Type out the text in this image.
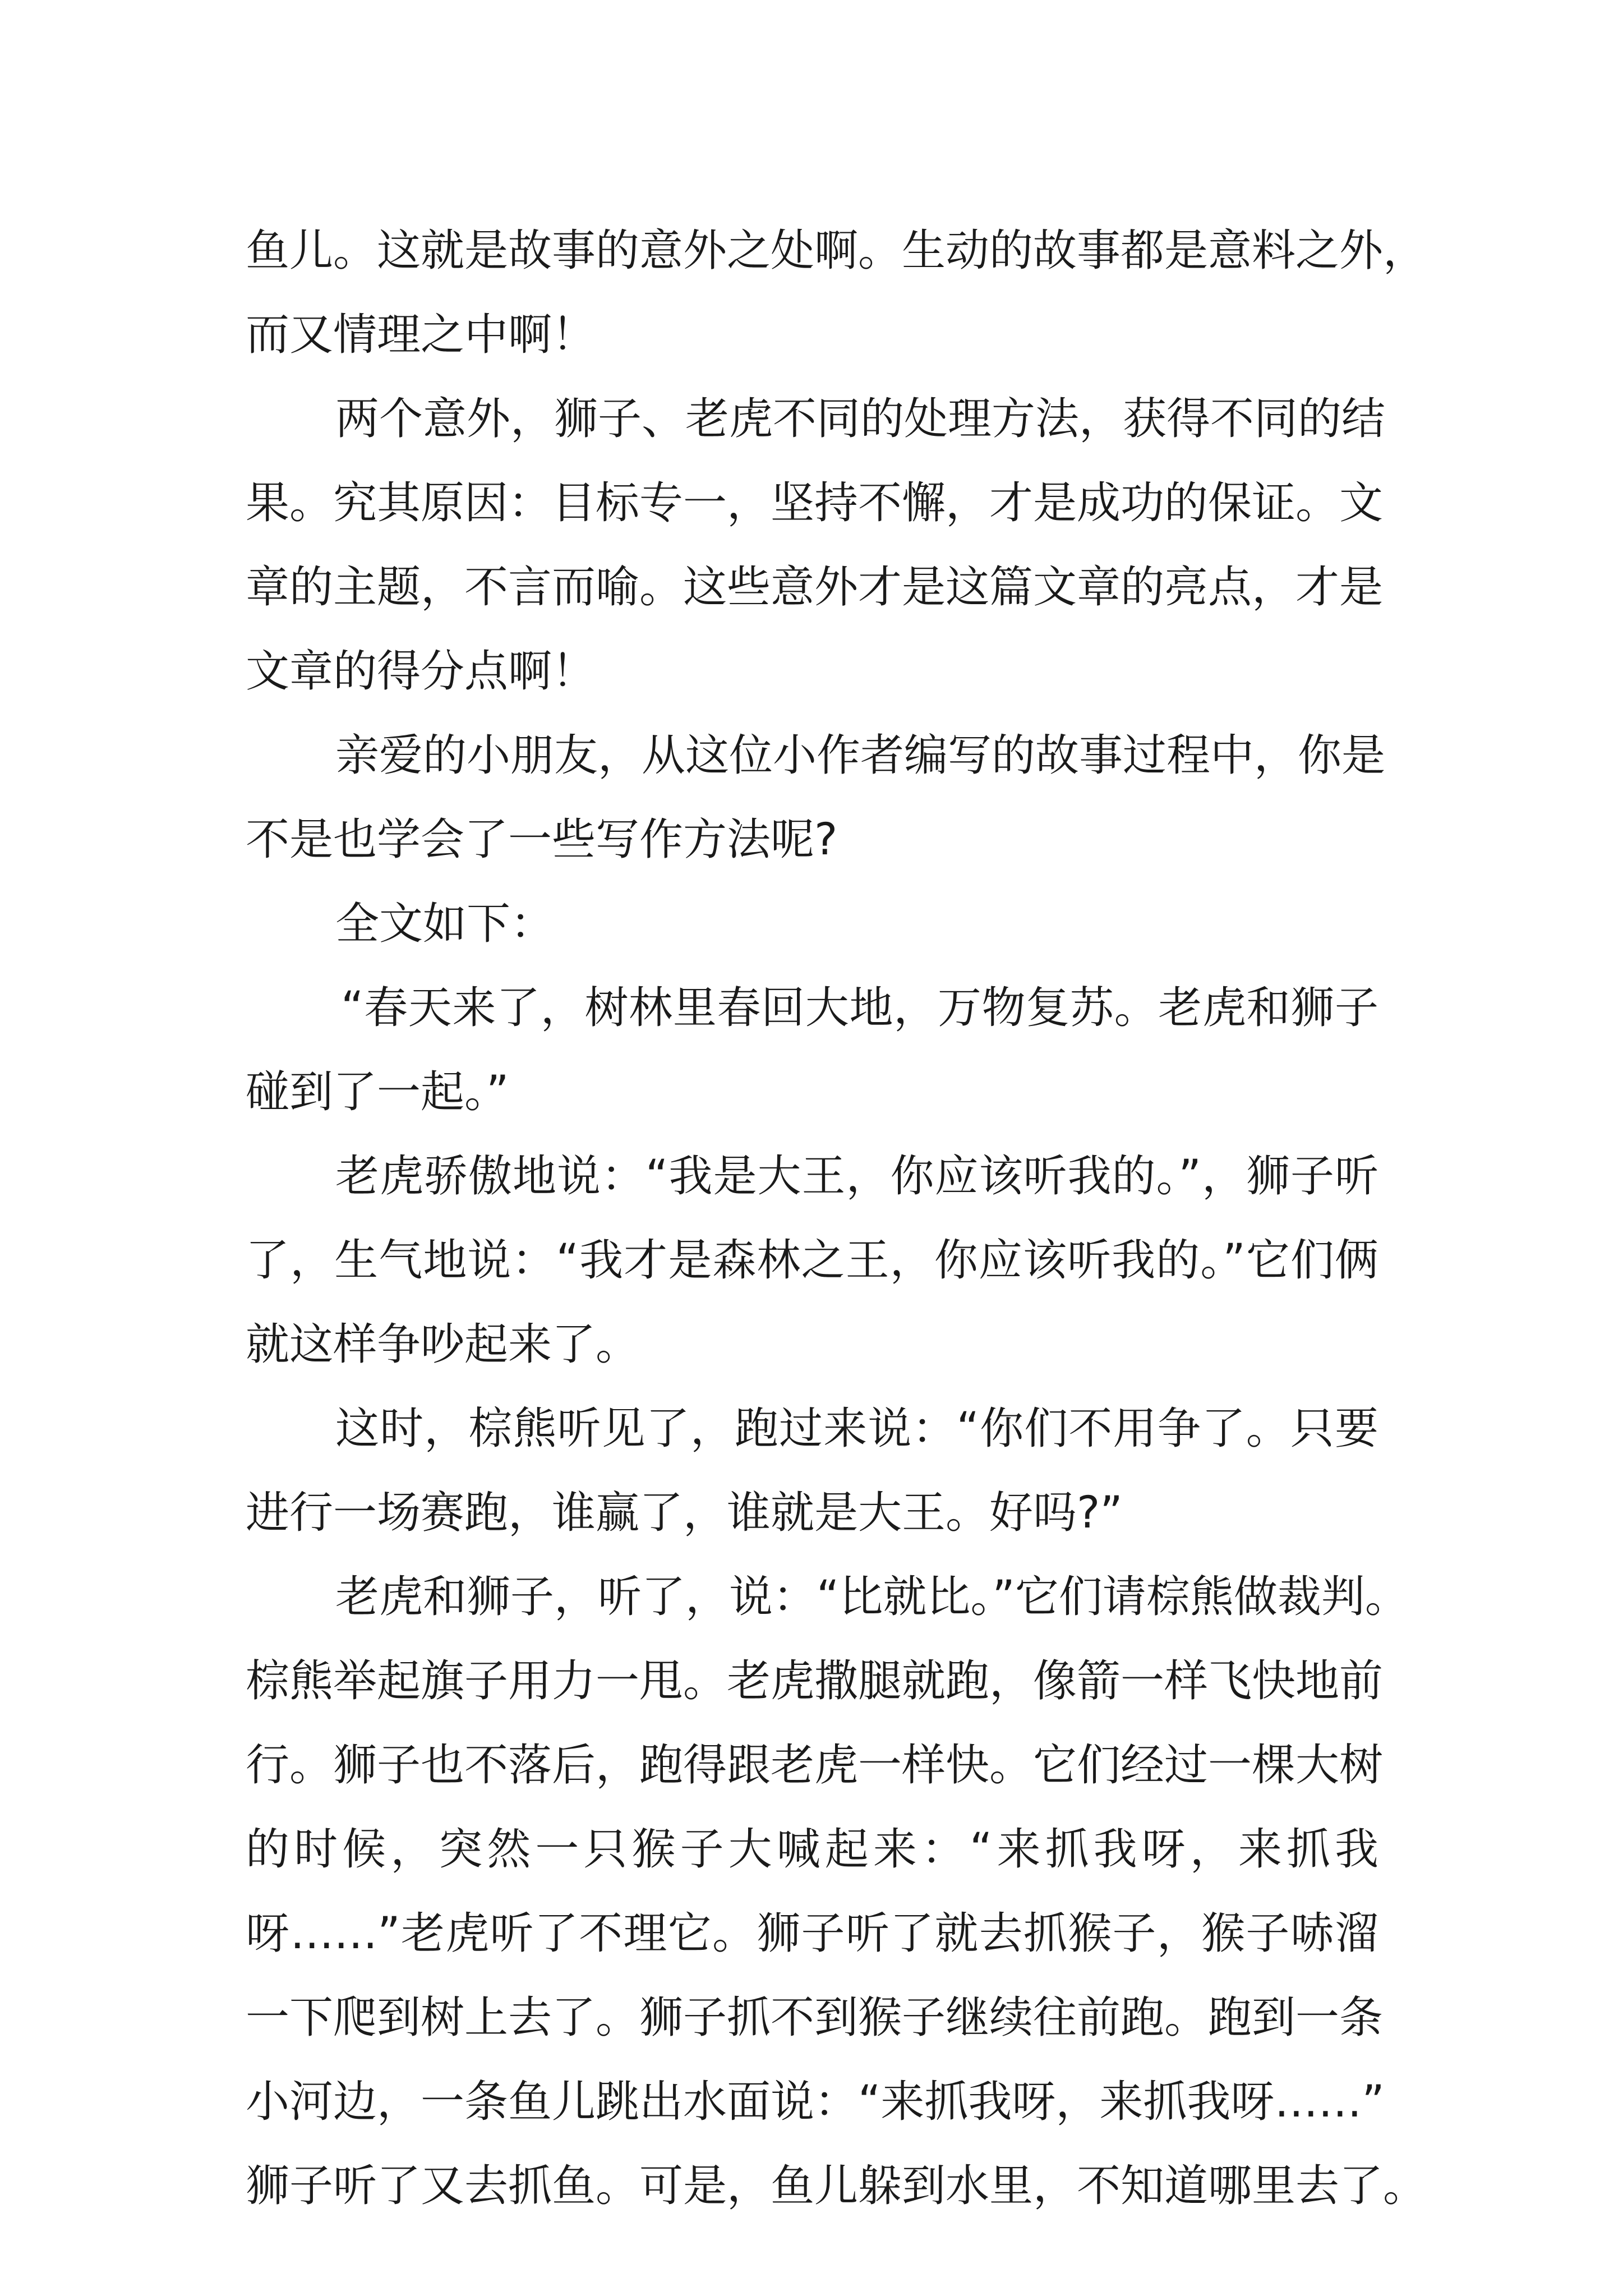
鱼儿。这就是故事的意外之处啊。生动的故事都是意料之外，
而又情理之中啊！
两个意外，狮子、老虎不同的处理方法，获得不同的结
果。究其原因：目标专一，坚持不懈，才是成功的保证。文
章的主题，不言而喻。这些意外才是这篇文章的亮点，才是
文章的得分点啊！
亲爱的小朋友，从这位小作者编写的故事过程中，你是
不是也学会了一些写作方法呢?
全文如下：
“春天来了，树林里春回大地，万物复苏。老虎和狮子
碰到了一起。”
老虎骄傲地说：“我是大王，你应该听我的。”，狮子听
了，生气地说：“我才是森林之王，你应该听我的。”它们俩
就这样争吵起来了。
这时，棕熊听见了，跑过来说：“你们不用争了。只要
进行一场赛跑，谁赢了，谁就是大王。好吗?”
老虎和狮子，听了，说：“比就比。”它们请棕熊做裁判。
棕熊举起旗子用力一甩。老虎撒腿就跑，像箭一样飞快地前
行。狮子也不落后，跑得跟老虎一样快。它们经过一棵大树
的时候，突然一只猴子大喊起来：“来抓我呀，来抓我
呀……”老虎听了不理它。狮子听了就去抓猴子，猴子哧溜
一下爬到树上去了。狮子抓不到猴子继续往前跑。跑到一条
小河边，一条鱼儿跳出水面说：“来抓我呀，来抓我呀……”
狮子听了又去抓鱼。可是，鱼儿躲到水里，不知道哪里去了。
